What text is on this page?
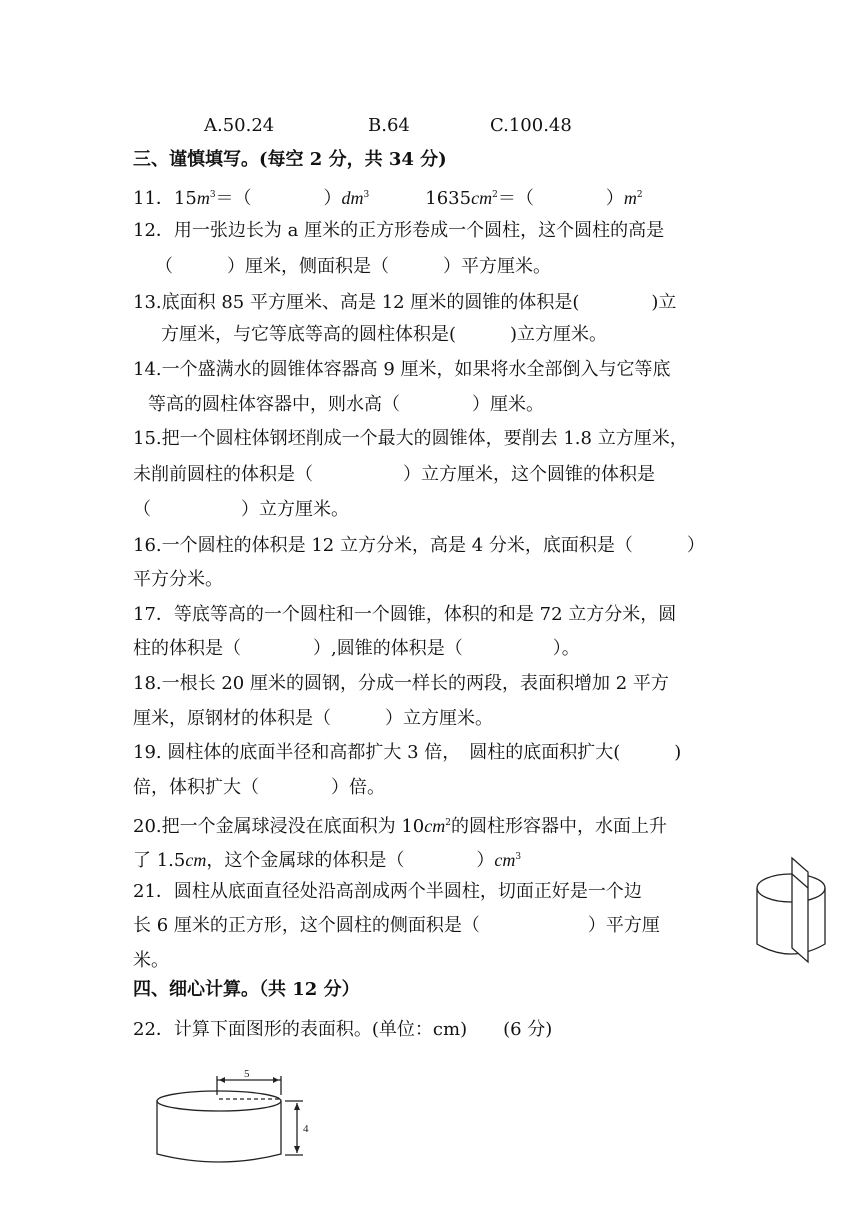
A.50.24	B.64	C.100.48
三、谨慎填写。(每空 2 分，共 34 分)
11．$15m^3=$（　　　　）$dm^3$	$1635cm^2=$（　　　　）$m^2$
12．用一张边长为 a 厘米的正方形卷成一个圆柱，这个圆柱的高是
（　　　）厘米，侧面积是（　　　）平方厘米。
13.底面积 85 平方厘米、高是 12 厘米的圆锥的体积是(　　　　)立
方厘米，与它等底等高的圆柱体积是(　　　)立方厘米。
14.一个盛满水的圆锥体容器高 9 厘米，如果将水全部倒入与它等底
等高的圆柱体容器中，则水高（　　　　）厘米。
15.把一个圆柱体钢坯削成一个最大的圆锥体，要削去 1.8 立方厘米，
未削前圆柱的体积是（　　　　　）立方厘米，这个圆锥的体积是
（　　　　　）立方厘米。
16.一个圆柱的体积是 12 立方分米，高是 4 分米，底面积是（　　　）
平方分米。
17．等底等高的一个圆柱和一个圆锥，体积的和是 72 立方分米，圆
柱的体积是（　　　　）,圆锥的体积是（　　　　　）。
18.一根长 20 厘米的圆钢，分成一样长的两段，表面积增加 2 平方
厘米，原钢材的体积是（　　　）立方厘米。
19. 圆柱体的底面半径和高都扩大 3 倍，　圆柱的底面积扩大(　　　)
倍，体积扩大（　　　　）倍。
20.把一个金属球浸没在底面积为 $10cm^2$的圆柱形容器中，水面上升
了 1.5cm，这个金属球的体积是（　　　　）$cm^3$
21．圆柱从底面直径处沿高剖成两个半圆柱，切面正好是一个边
长 6 厘米的正方形，这个圆柱的侧面积是（　　　　　　）平方厘
米。
四、细心计算。（共 12 分）
22．计算下面图形的表面积。(单位：cm)　　(6 分)
5
4
